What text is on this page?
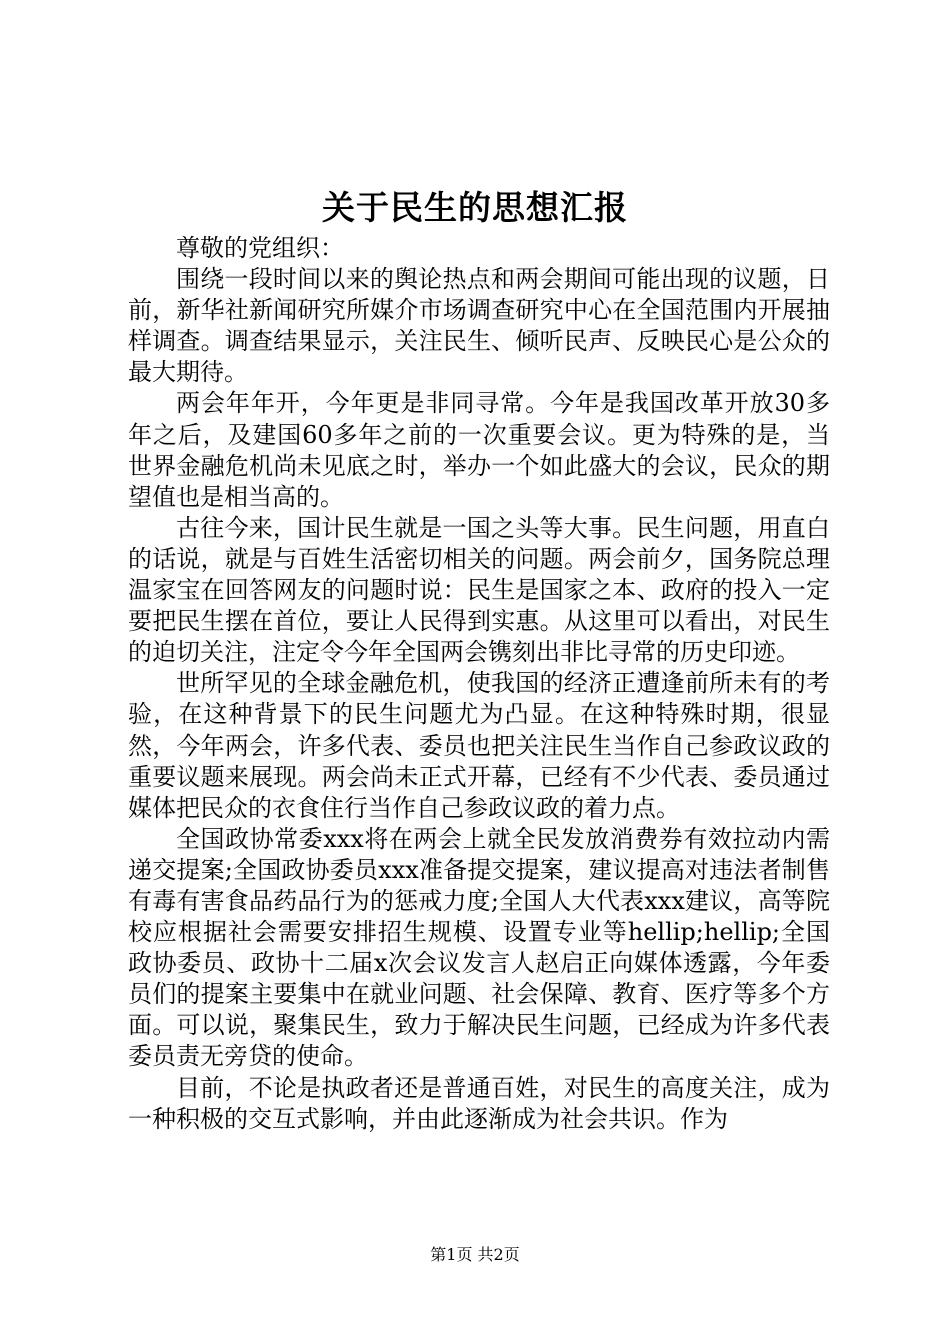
关于民生的思想汇报

尊敬的党组织：

围绕一段时间以来的舆论热点和两会期间可能出现的议题，日前，新华社新闻研究所媒介市场调查研究中心在全国范围内开展抽样调查。调查结果显示，关注民生、倾听民声、反映民心是公众的最大期待。

两会年年开，今年更是非同寻常。今年是我国改革开放30多年之后，及建国60多年之前的一次重要会议。更为特殊的是，当世界金融危机尚未见底之时，举办一个如此盛大的会议，民众的期望值也是相当高的。

古往今来，国计民生就是一国之头等大事。民生问题，用直白的话说，就是与百姓生活密切相关的问题。两会前夕，国务院总理温家宝在回答网友的问题时说：民生是国家之本、政府的投入一定要把民生摆在首位，要让人民得到实惠。从这里可以看出，对民生的迫切关注，注定令今年全国两会镌刻出非比寻常的历史印迹。

世所罕见的全球金融危机，使我国的经济正遭逢前所未有的考验，在这种背景下的民生问题尤为凸显。在这种特殊时期，很显然，今年两会，许多代表、委员也把关注民生当作自己参政议政的重要议题来展现。两会尚未正式开幕，已经有不少代表、委员通过媒体把民众的衣食住行当作自己参政议政的着力点。

全国政协常委xxx将在两会上就全民发放消费券有效拉动内需递交提案;全国政协委员xxx准备提交提案，建议提高对违法者制售有毒有害食品药品行为的惩戒力度;全国人大代表xxx建议，高等院校应根据社会需要安排招生规模、设置专业等hellip;hellip;全国政协委员、政协十二届x次会议发言人赵启正向媒体透露，今年委员们的提案主要集中在就业问题、社会保障、教育、医疗等多个方面。可以说，聚集民生，致力于解决民生问题，已经成为许多代表委员责无旁贷的使命。

目前，不论是执政者还是普通百姓，对民生的高度关注，成为一种积极的交互式影响，并由此逐渐成为社会共识。作为

第1页 共2页
